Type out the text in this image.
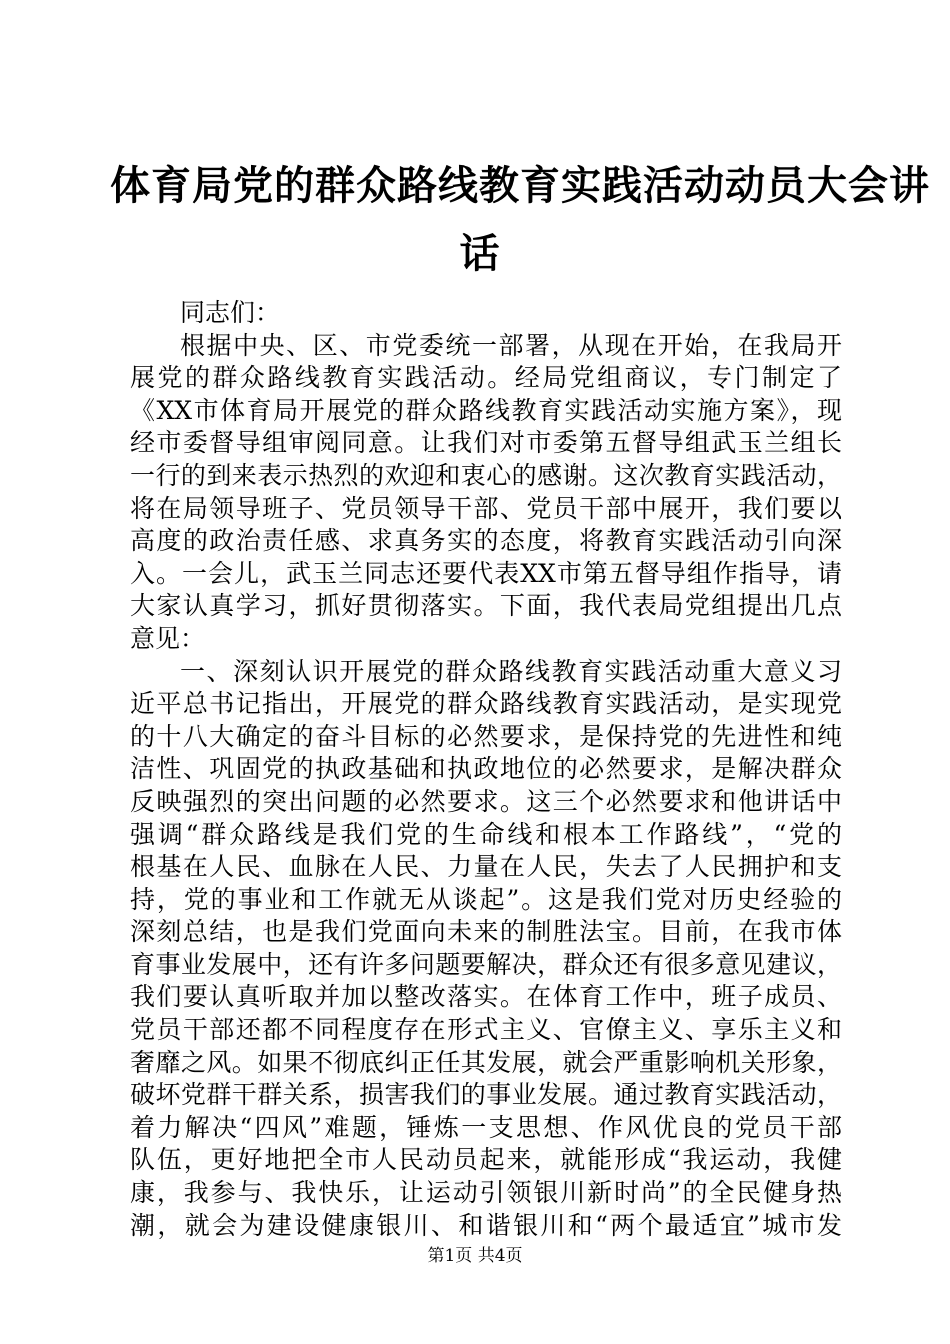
体育局党的群众路线教育实践活动动员大会讲
话
同志们：
根据中央、区、市党委统一部署，从现在开始，在我局开
展党的群众路线教育实践活动。经局党组商议，专门制定了
《XX市体育局开展党的群众路线教育实践活动实施方案》，现
经市委督导组审阅同意。让我们对市委第五督导组武玉兰组长
一行的到来表示热烈的欢迎和衷心的感谢。这次教育实践活动，
将在局领导班子、党员领导干部、党员干部中展开，我们要以
高度的政治责任感、求真务实的态度，将教育实践活动引向深
入。一会儿，武玉兰同志还要代表XX市第五督导组作指导，请
大家认真学习，抓好贯彻落实。下面，我代表局党组提出几点
意见：
一、深刻认识开展党的群众路线教育实践活动重大意义习
近平总书记指出，开展党的群众路线教育实践活动，是实现党
的十八大确定的奋斗目标的必然要求，是保持党的先进性和纯
洁性、巩固党的执政基础和执政地位的必然要求，是解决群众
反映强烈的突出问题的必然要求。这三个必然要求和他讲话中
强调“群众路线是我们党的生命线和根本工作路线”，“党的
根基在人民、血脉在人民、力量在人民，失去了人民拥护和支
持，党的事业和工作就无从谈起”。这是我们党对历史经验的
深刻总结，也是我们党面向未来的制胜法宝。目前，在我市体
育事业发展中，还有许多问题要解决，群众还有很多意见建议，
我们要认真听取并加以整改落实。在体育工作中，班子成员、
党员干部还都不同程度存在形式主义、官僚主义、享乐主义和
奢靡之风。如果不彻底纠正任其发展，就会严重影响机关形象，
破坏党群干群关系，损害我们的事业发展。通过教育实践活动，
着力解决“四风”难题，锤炼一支思想、作风优良的党员干部
队伍，更好地把全市人民动员起来，就能形成“我运动，我健
康，我参与、我快乐，让运动引领银川新时尚”的全民健身热
潮，就会为建设健康银川、和谐银川和“两个最适宜”城市发
第1页 共4页
